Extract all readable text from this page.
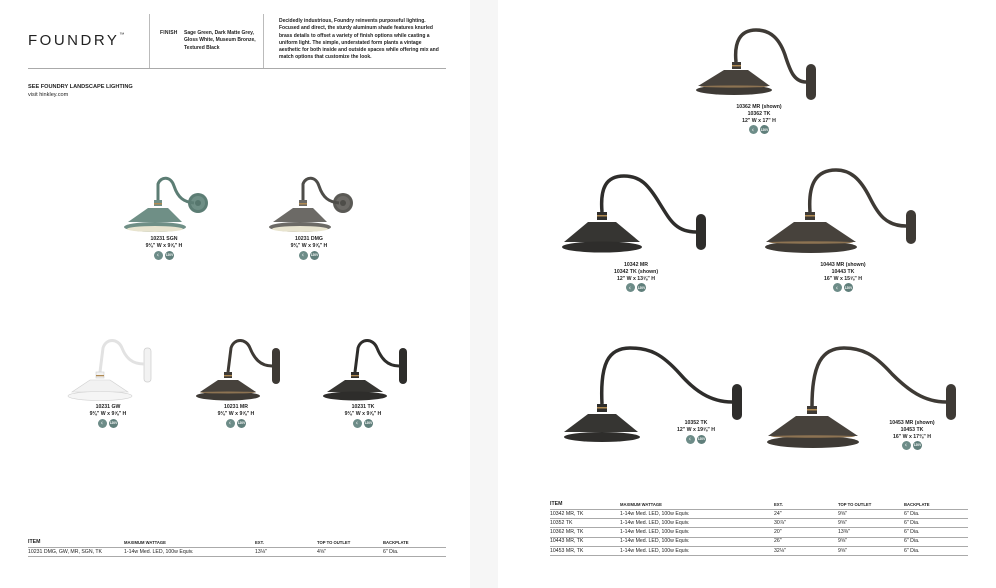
FOUNDRY™	FINISH Sage Green, Dark Matte Grey, Gloss White, Museum Bronze, Textured Black
Decidedly industrious, Foundry reinvents purposeful lighting. Focused and direct, the sturdy aluminum shade features knurled brass details to offset a variety of finish options while casting a uniform light. The simple, understated form plants a vintage aesthetic for both inside and outside spaces while offering mix and match options that customize the look.
SEE FOUNDRY LANDSCAPE LIGHTING
visit hinkley.com
10231 SGN
9⅜" W x 9⅝" H
☾	120V
10231 DMG
9⅜" W x 9⅝" H
☾	120V
10231 GW
9⅜" W x 9⅝" H
☾	120V
10231 MR
9⅜" W x 9⅝" H
☾	120V
10231 TK
9⅜" W x 9⅝" H
☾	120V
ITEM	MAXIMUM WATTAGE	EXT.	TOP TO OUTLET	BACKPLATE
10231 DMG, GW, MR, SGN, TK	1-14w Med. LED, 100w Equiv.	13⅛"	4⅝"	6" Dia.
10362 MR (shown)
10362 TK
12" W x 17" H
☾	120V
10342 MR
10342 TK (shown)
12" W x 13⅝" H
☾	120V
10443 MR (shown)
10443 TK
16" W x 15⅝" H
☾	120V
10352 TK
12" W x 19⅝" H
☾	120V
10453 MR (shown)
10453 TK
16" W x 17⅜" H
☾	120V
ITEM	MAXIMUM WATTAGE	EXT.	TOP TO OUTLET	BACKPLATE
10342 MR, TK	1-14w Med. LED, 100w Equiv.	24"	9⅝"	6" Dia.
10352 TK	1-14w Med. LED, 100w Equiv.	30⅞"	9⅝"	6" Dia.
10362 MR, TK	1-14w Med. LED, 100w Equiv.	20"	13⅜"	6" Dia.
10443 MR, TK	1-14w Med. LED, 100w Equiv.	26"	9⅝"	6" Dia.
10453 MR, TK	1-14w Med. LED, 100w Equiv.	32⅛"	9⅝"	6" Dia.
